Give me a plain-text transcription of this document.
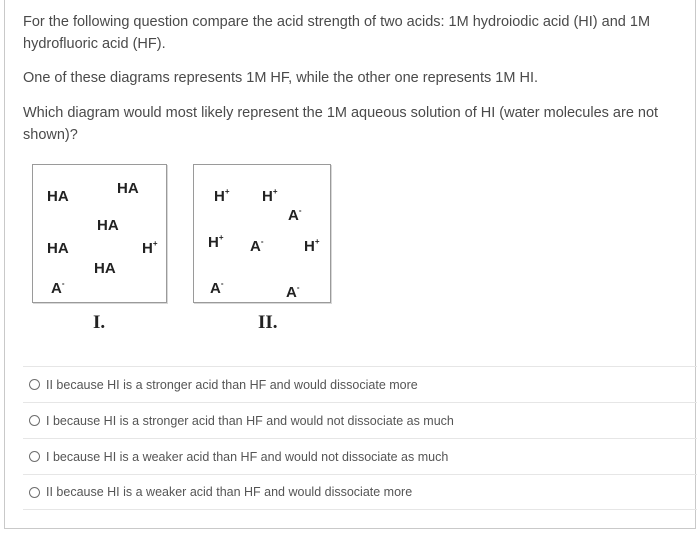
For the following question compare the acid strength of two acids: 1M hydroiodic acid (HI) and 1M hydrofluoric acid (HF).

One of these diagrams represents 1M HF, while the other one represents 1M HI.

Which diagram would most likely represent the 1M aqueous solution of HI (water molecules are not shown)?

HA	HA
HA
HA	H+
HA
A-
I.
H+ H+
A-
H+
A-	H+
A-
A-
II.
II because HI is a stronger acid than HF and would dissociate more
I because HI is a stronger acid than HF and would not dissociate as much
I because HI is a weaker acid than HF and would not dissociate as much
II because HI is a weaker acid than HF and would dissociate more
